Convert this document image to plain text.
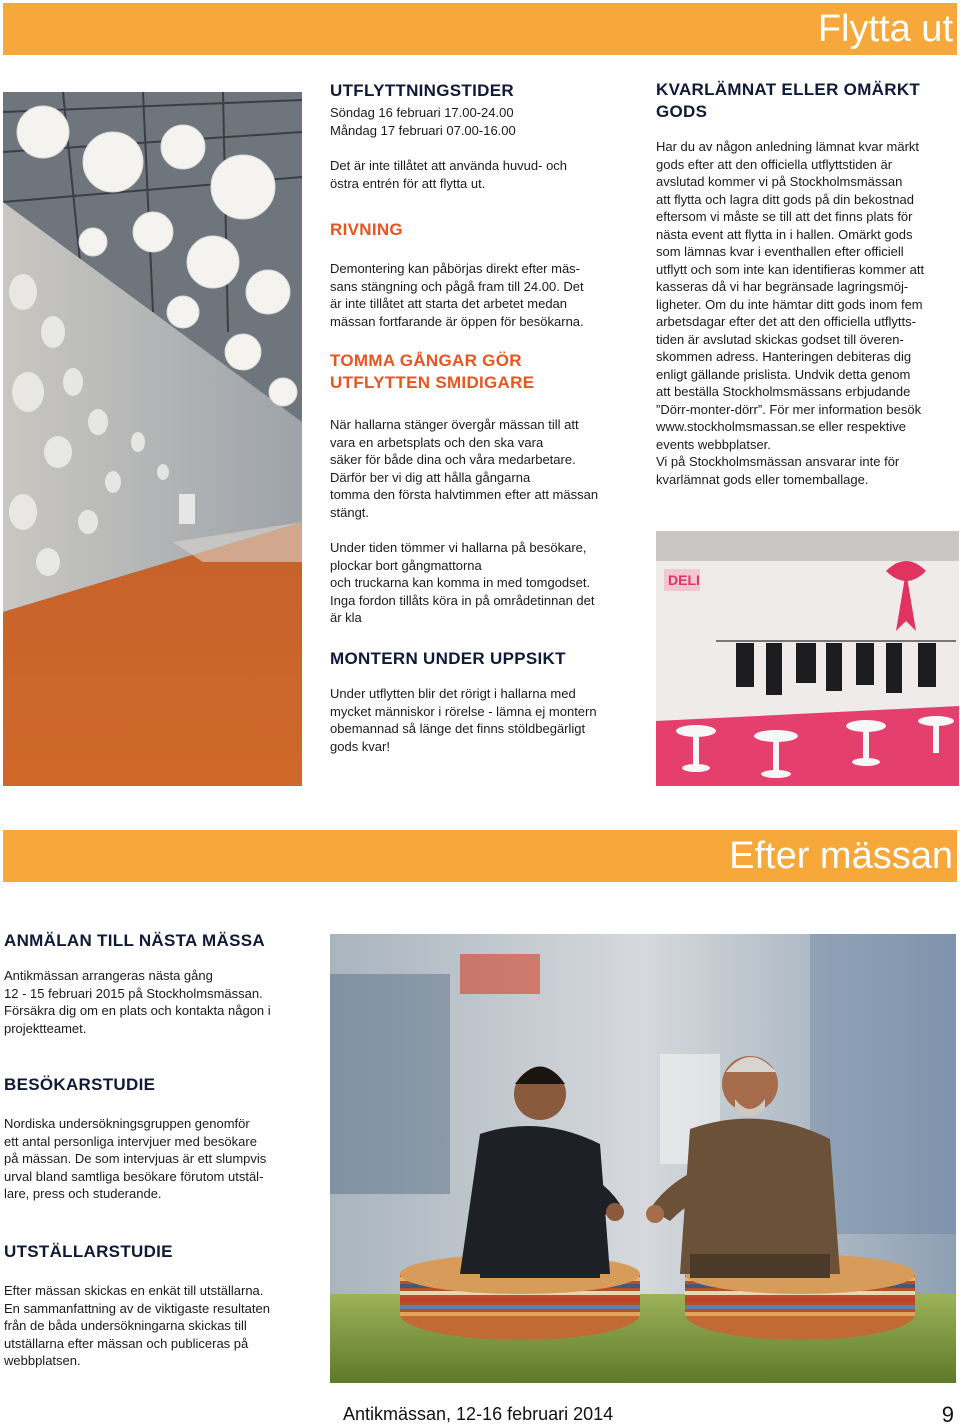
Flytta ut
UTFLYTTNINGSTIDER

Söndag 16 februari 17.00-24.00

Måndag 17 februari 07.00-16.00

Det är inte tillåtet att använda huvud- och

östra entrén för att flytta ut.

RIVNING

Demontering kan påbörjas direkt efter mäs-

sans stängning och pågå fram till 24.00. Det

är inte tillåtet att starta det arbetet medan

mässan fortfarande är öppen för besökarna.

TOMMA GÅNGAR GÖR
UTFLYTTEN SMIDIGARE

När hallarna stänger övergår mässan till att

vara en arbetsplats och den ska vara

säker för både dina och våra medarbetare.

Därför ber vi dig att hålla gångarna

tomma den första halvtimmen efter att mässan

stängt.

Under tiden tömmer vi hallarna på besökare,

plockar bort gångmattorna

och truckarna kan komma in med tomgodset.

Inga fordon tillåts köra in på områdetinnan det

är kla

MONTERN UNDER UPPSIKT

Under utflytten blir det rörigt i hallarna med

mycket människor i rörelse - lämna ej montern

obemannad så länge det finns stöldbegärligt

gods kvar!

KVARLÄMNAT ELLER OMÄRKT
GODS

Har du av någon anledning lämnat kvar märkt

gods efter att den officiella utflyttstiden är

avslutad kommer vi på Stockholmsmässan

att flytta och lagra ditt gods på din bekostnad

eftersom vi måste se till att det finns plats för

nästa event att flytta in i hallen. Omärkt gods

som lämnas kvar i eventhallen efter officiell

utflytt och som inte kan identifieras kommer att

kasseras då vi har begränsade lagringsmöj-

ligheter. Om du inte hämtar ditt gods inom fem

arbetsdagar efter det att den officiella utflytts-

tiden är avslutad skickas godset till överen-

skommen adress. Hanteringen debiteras dig

enligt gällande prislista. Undvik detta genom

att beställa Stockholmsmässans erbjudande

”Dörr-monter-dörr”. För mer information besök

www.stockholmsmassan.se eller respektive

events webbplatser.

Vi på Stockholmsmässan ansvarar inte för

kvarlämnat gods eller tomemballage.

DELI
Efter mässan
ANMÄLAN TILL NÄSTA MÄSSA

Antikmässan arrangeras nästa gång

12 - 15 februari 2015 på Stockholmsmässan.

Försäkra dig om en plats och kontakta någon i

projektteamet.

BESÖKARSTUDIE

Nordiska undersökningsgruppen genomför

ett antal personliga intervjuer med besökare

på mässan. De som intervjuas är ett slumpvis

urval bland samtliga besökare förutom utstäl-

lare, press och studerande.

UTSTÄLLARSTUDIE

Efter mässan skickas en enkät till utställarna.

En sammanfattning av de viktigaste resultaten

från de båda undersökningarna skickas till

utställarna efter mässan och publiceras på

webbplatsen.

Antikmässan, 12-16 februari 2014	9
